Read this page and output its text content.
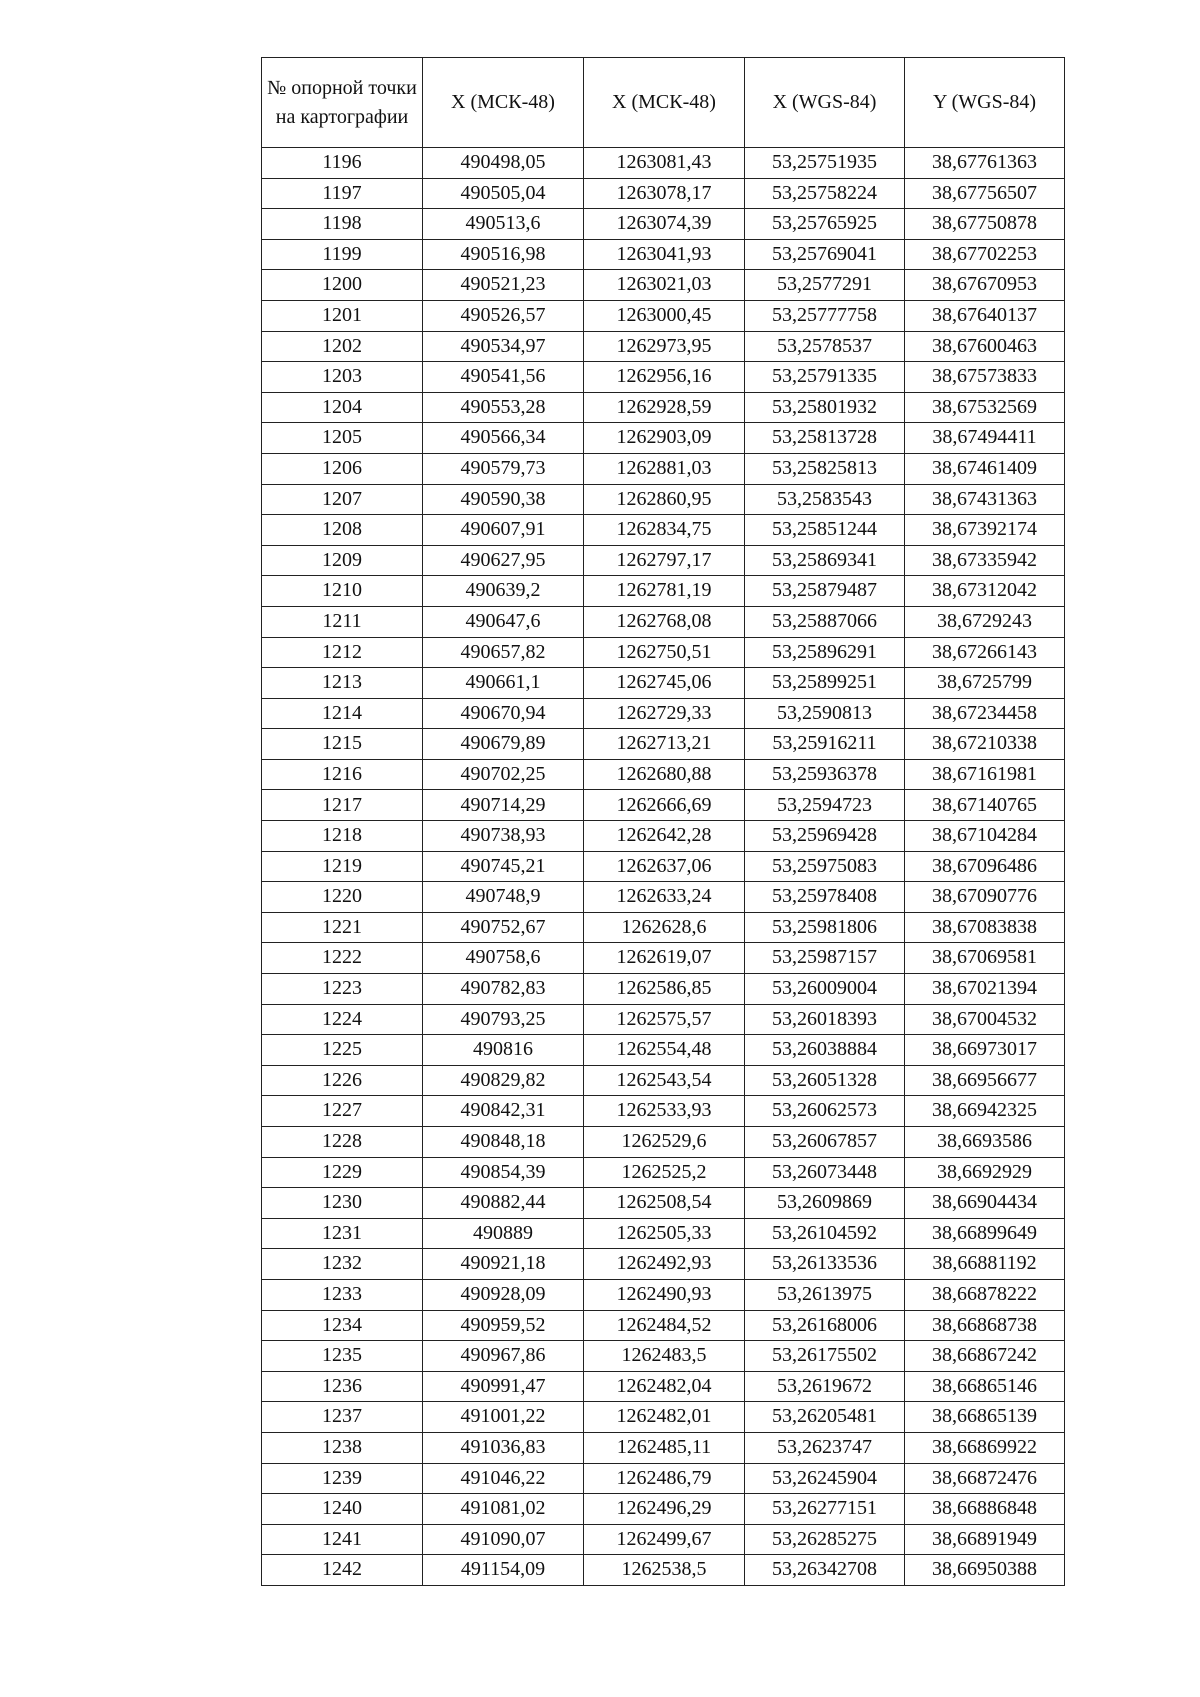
№ опорной точки на картографии	X (МСК-48)	X (МСК-48)	X (WGS-84)	Y (WGS-84)
1196	490498,05	1263081,43	53,25751935	38,67761363
1197	490505,04	1263078,17	53,25758224	38,67756507
1198	490513,6	1263074,39	53,25765925	38,67750878
1199	490516,98	1263041,93	53,25769041	38,67702253
1200	490521,23	1263021,03	53,2577291	38,67670953
1201	490526,57	1263000,45	53,25777758	38,67640137
1202	490534,97	1262973,95	53,2578537	38,67600463
1203	490541,56	1262956,16	53,25791335	38,67573833
1204	490553,28	1262928,59	53,25801932	38,67532569
1205	490566,34	1262903,09	53,25813728	38,67494411
1206	490579,73	1262881,03	53,25825813	38,67461409
1207	490590,38	1262860,95	53,2583543	38,67431363
1208	490607,91	1262834,75	53,25851244	38,67392174
1209	490627,95	1262797,17	53,25869341	38,67335942
1210	490639,2	1262781,19	53,25879487	38,67312042
1211	490647,6	1262768,08	53,25887066	38,6729243
1212	490657,82	1262750,51	53,25896291	38,67266143
1213	490661,1	1262745,06	53,25899251	38,6725799
1214	490670,94	1262729,33	53,2590813	38,67234458
1215	490679,89	1262713,21	53,25916211	38,67210338
1216	490702,25	1262680,88	53,25936378	38,67161981
1217	490714,29	1262666,69	53,2594723	38,67140765
1218	490738,93	1262642,28	53,25969428	38,67104284
1219	490745,21	1262637,06	53,25975083	38,67096486
1220	490748,9	1262633,24	53,25978408	38,67090776
1221	490752,67	1262628,6	53,25981806	38,67083838
1222	490758,6	1262619,07	53,25987157	38,67069581
1223	490782,83	1262586,85	53,26009004	38,67021394
1224	490793,25	1262575,57	53,26018393	38,67004532
1225	490816	1262554,48	53,26038884	38,66973017
1226	490829,82	1262543,54	53,26051328	38,66956677
1227	490842,31	1262533,93	53,26062573	38,66942325
1228	490848,18	1262529,6	53,26067857	38,6693586
1229	490854,39	1262525,2	53,26073448	38,6692929
1230	490882,44	1262508,54	53,2609869	38,66904434
1231	490889	1262505,33	53,26104592	38,66899649
1232	490921,18	1262492,93	53,26133536	38,66881192
1233	490928,09	1262490,93	53,2613975	38,66878222
1234	490959,52	1262484,52	53,26168006	38,66868738
1235	490967,86	1262483,5	53,26175502	38,66867242
1236	490991,47	1262482,04	53,2619672	38,66865146
1237	491001,22	1262482,01	53,26205481	38,66865139
1238	491036,83	1262485,11	53,2623747	38,66869922
1239	491046,22	1262486,79	53,26245904	38,66872476
1240	491081,02	1262496,29	53,26277151	38,66886848
1241	491090,07	1262499,67	53,26285275	38,66891949
1242	491154,09	1262538,5	53,26342708	38,66950388
